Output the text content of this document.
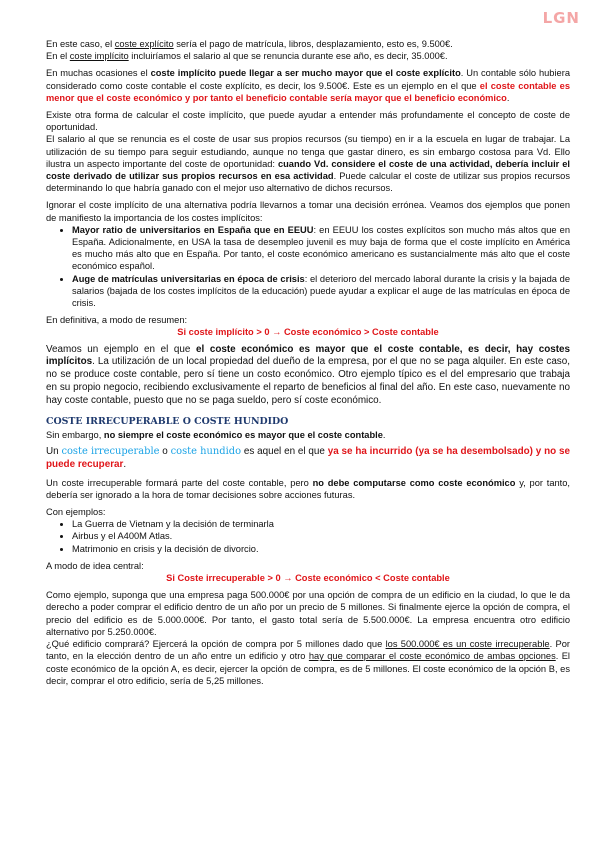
LGN

En este caso, el coste explícito sería el pago de matrícula, libros, desplazamiento, esto es, 9.500€.

En el coste implícito incluiríamos el salario al que se renuncia durante ese año, es decir, 35.000€.

En muchas ocasiones el coste implícito puede llegar a ser mucho mayor que el coste explícito. Un contable sólo hubiera considerado como coste contable el coste explícito, es decir, los 9.500€. Este es un ejemplo en el que el coste contable es menor que el coste económico y por tanto el beneficio contable sería mayor que el beneficio económico.

Existe otra forma de calcular el coste implícito, que puede ayudar a entender más profundamente el concepto de coste de oportunidad.

El salario al que se renuncia es el coste de usar sus propios recursos (su tiempo) en ir a la escuela en lugar de trabajar. La utilización de su tiempo para seguir estudiando, aunque no tenga que gastar dinero, es sin embargo costosa para Vd. Ello ilustra un aspecto importante del coste de oportunidad: cuando Vd. considere el coste de una actividad, debería incluir el coste derivado de utilizar sus propios recursos en esa actividad. Puede calcular el coste de utilizar sus propios recursos determinando lo que habría ganado con el mejor uso alternativo de dichos recursos.

Ignorar el coste implícito de una alternativa podría llevarnos a tomar una decisión errónea. Veamos dos ejemplos que ponen de manifiesto la importancia de los costes implícitos:

• Mayor ratio de universitarios en España que en EEUU: en EEUU los costes explícitos son mucho más altos que en España. Adicionalmente, en USA la tasa de desempleo juvenil es muy baja de forma que el coste implícito en América es mucho más alto que en España. Por tanto, el coste económico americano es sustancialmente más alto que el coste económico español.
• Auge de matrículas universitarias en época de crisis: el deterioro del mercado laboral durante la crisis y la bajada de salarios (bajada de los costes implícitos de la educación) puede ayudar a explicar el auge de las matrículas en época de crisis.

En definitiva, a modo de resumen:

Si coste implícito > 0 → Coste económico > Coste contable

Veamos un ejemplo en el que el coste económico es mayor que el coste contable, es decir, hay costes implícitos. La utilización de un local propiedad del dueño de la empresa, por el que no se paga alquiler. En este caso, no se produce coste contable, pero sí tiene un costo económico. Otro ejemplo típico es el del empresario que trabaja en su propio negocio, recibiendo exclusivamente el reparto de beneficios al final del año. En este caso, nuevamente no hay coste contable, puesto que no se paga sueldo, pero sí coste económico.

COSTE IRRECUPERABLE O COSTE HUNDIDO

Sin embargo, no siempre el coste económico es mayor que el coste contable.

Un coste irrecuperable o coste hundido es aquel en el que ya se ha incurrido (ya se ha desembolsado) y no se puede recuperar.

Un coste irrecuperable formará parte del coste contable, pero no debe computarse como coste económico y, por tanto, debería ser ignorado a la hora de tomar decisiones sobre acciones futuras.

Con ejemplos:

• La Guerra de Vietnam y la decisión de terminarla
• Airbus y el A400M Atlas.
• Matrimonio en crisis y la decisión de divorcio.

A modo de idea central:

Si Coste irrecuperable > 0 → Coste económico < Coste contable

Como ejemplo, suponga que una empresa paga 500.000€ por una opción de compra de un edificio en la ciudad, lo que le da derecho a poder comprar el edificio dentro de un año por un precio de 5 millones. Si finalmente ejerce la opción de compra, el precio del edificio es de 5.000.000€. Por tanto, el gasto total sería de 5.500.000€. La empresa encuentra otro edificio alternativo por 5.250.000€.

¿Qué edificio comprará? Ejercerá la opción de compra por 5 millones dado que los 500.000€ es un coste irrecuperable. Por tanto, en la elección dentro de un año entre un edificio y otro hay que comparar el coste económico de ambas opciones. El coste económico de la opción A, es decir, ejercer la opción de compra, es de 5 millones. El coste económico de la opción B, es decir, comprar el otro edificio, sería de 5,25 millones.
